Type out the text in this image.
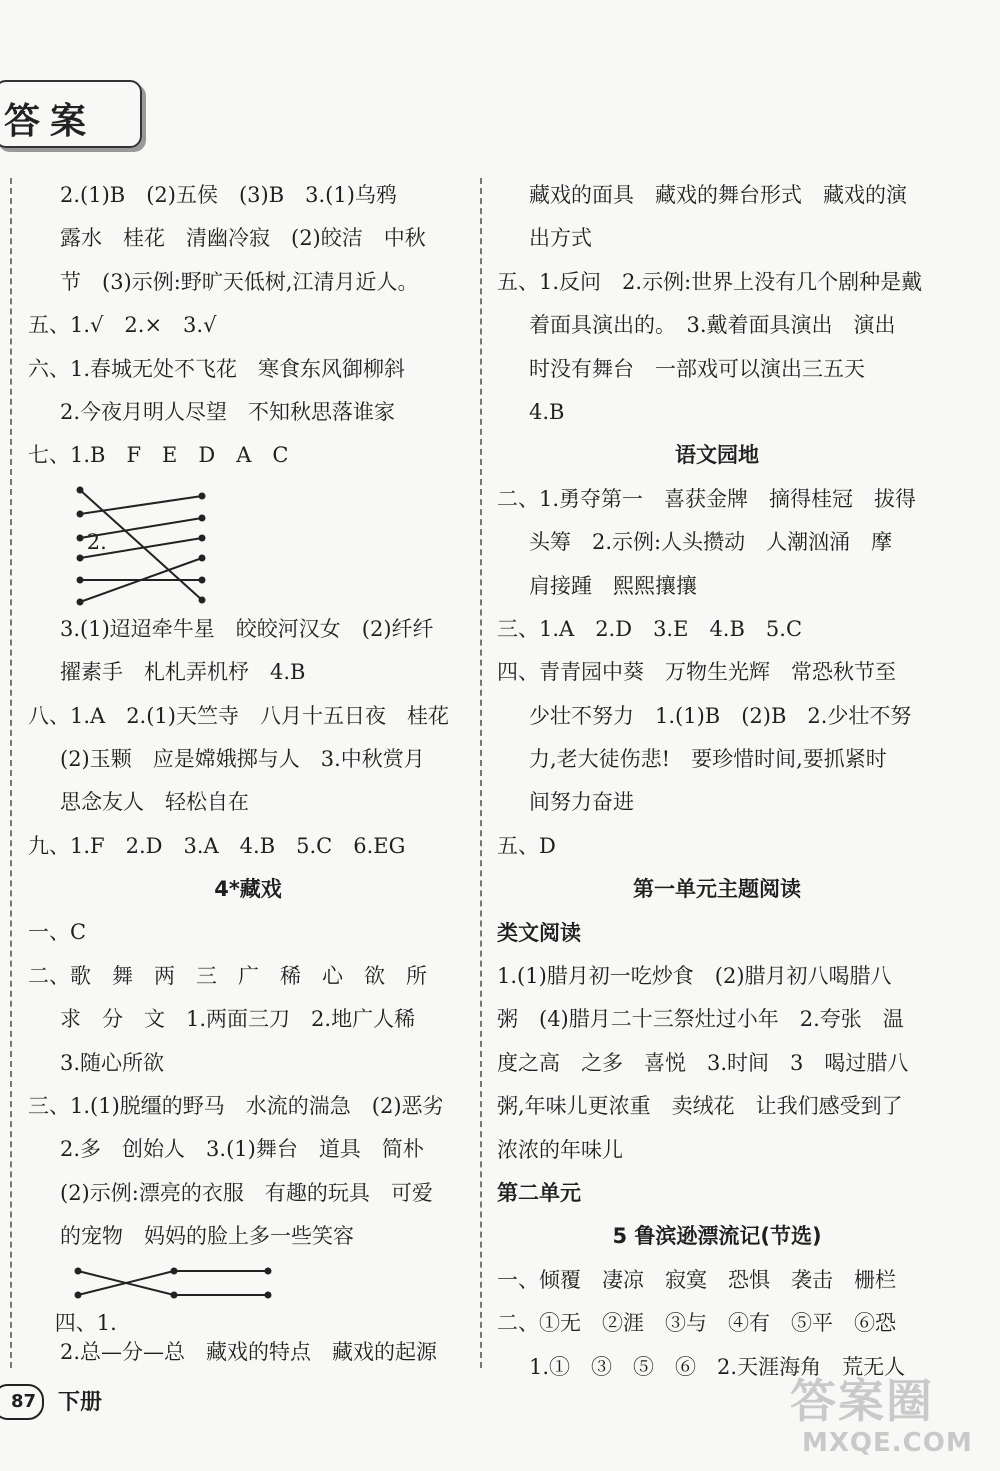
答案
2.(1)B　(2)五侯　(3)B　3.(1)乌鸦
露水　桂花　清幽冷寂　(2)皎洁　中秋
节　(3)示例:野旷天低树,江清月近人。
五、1.√　2.×　3.√
六、1.春城无处不飞花　寒食东风御柳斜
2.今夜月明人尽望　不知秋思落谁家
七、1.B　F　E　D　A　C

2.

3.(1)迢迢牵牛星　皎皎河汉女　(2)纤纤
擢素手　札札弄机杼　4.B
八、1.A　2.(1)天竺寺　八月十五日夜　桂花
(2)玉颗　应是嫦娥掷与人　3.中秋赏月
思念友人　轻松自在
九、1.F　2.D　3.A　4.B　5.C　6.EG
4*藏戏
一、C
二、歌　舞　两　三　广　稀　心　欲　所
求　分　文　1.两面三刀　2.地广人稀
3.随心所欲
三、1.(1)脱缰的野马　水流的湍急　(2)恶劣
2.多　创始人　3.(1)舞台　道具　简朴
(2)示例:漂亮的衣服　有趣的玩具　可爱
的宠物　妈妈的脸上多一些笑容

四、1.

2.总—分—总　藏戏的特点　藏戏的起源
藏戏的面具　藏戏的舞台形式　藏戏的演
出方式
五、1.反问　2.示例:世界上没有几个剧种是戴
着面具演出的。　3.戴着面具演出　演出
时没有舞台　一部戏可以演出三五天
4.B
语文园地
二、1.勇夺第一　喜获金牌　摘得桂冠　拔得
头筹　2.示例:人头攒动　人潮汹涌　摩
肩接踵　熙熙攘攘
三、1.A　2.D　3.E　4.B　5.C
四、青青园中葵　万物生光辉　常恐秋节至
少壮不努力　1.(1)B　(2)B　2.少壮不努
力,老大徒伤悲!　要珍惜时间,要抓紧时
间努力奋进
五、D
第一单元主题阅读
类文阅读
1.(1)腊月初一吃炒食　(2)腊月初八喝腊八
粥　(4)腊月二十三祭灶过小年　2.夸张　温
度之高　之多　喜悦　3.时间　3　喝过腊八
粥,年味儿更浓重　卖绒花　让我们感受到了
浓浓的年味儿
第二单元
5 鲁滨逊漂流记(节选)
一、倾覆　凄凉　寂寞　恐惧　袭击　栅栏
二、①无　②涯　③与　④有　⑤平　⑥恐
1.①　③　⑤　⑥　2.天涯海角　荒无人
87	下册	答案圈
MXQE.COM
